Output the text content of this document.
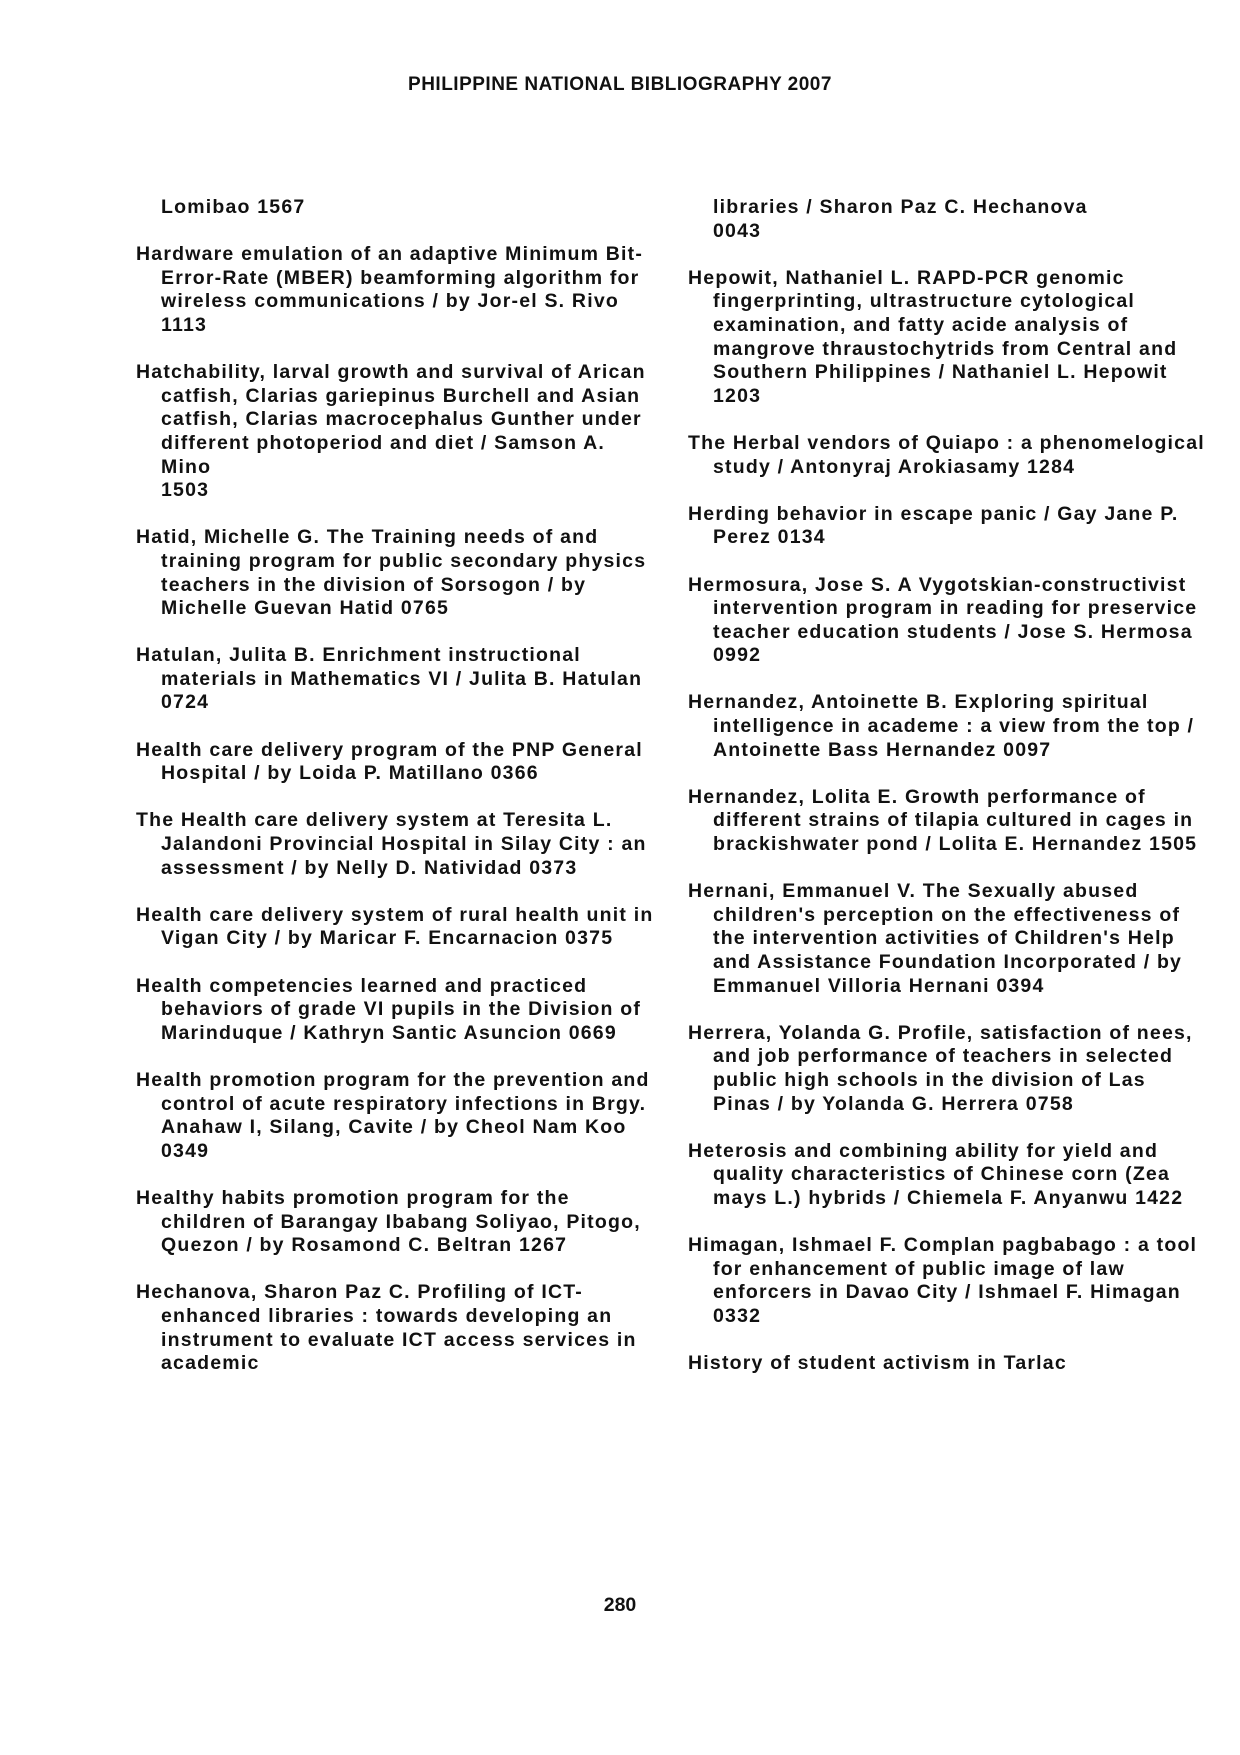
PHILIPPINE NATIONAL BIBLIOGRAPHY 2007

Lomibao 1567

Hardware emulation of an adaptive Minimum Bit-Error-Rate (MBER) beamforming algorithm for wireless communications / by Jor-el S. Rivo
1113

Hatchability, larval growth and survival of Arican catfish, Clarias gariepinus Burchell and Asian catfish, Clarias macrocephalus Gunther under different photoperiod and diet / Samson A. Mino
1503

Hatid, Michelle G. The Training needs of and training program for public secondary physics teachers in the division of Sorsogon / by Michelle Guevan Hatid 0765

Hatulan, Julita B. Enrichment instructional materials in Mathematics VI / Julita B. Hatulan 0724

Health care delivery program of the PNP General Hospital / by Loida P. Matillano 0366

The Health care delivery system at Teresita L. Jalandoni Provincial Hospital in Silay City : an assessment / by Nelly D. Natividad 0373

Health care delivery system of rural health unit in Vigan City / by Maricar F. Encarnacion 0375

Health competencies learned and practiced behaviors of grade VI pupils in the Division of Marinduque / Kathryn Santic Asuncion 0669

Health promotion program for the prevention and control of acute respiratory infections in Brgy. Anahaw I, Silang, Cavite / by Cheol Nam Koo
0349

Healthy habits promotion program for the children of Barangay Ibabang Soliyao, Pitogo, Quezon / by Rosamond C. Beltran 1267

Hechanova, Sharon Paz C. Profiling of ICT-enhanced libraries : towards developing an instrument to evaluate ICT access services in academic

libraries / Sharon Paz C. Hechanova
0043

Hepowit, Nathaniel L. RAPD-PCR genomic fingerprinting, ultrastructure cytological examination, and fatty acide analysis of mangrove thraustochytrids from Central and Southern Philippines / Nathaniel L. Hepowit 1203

The Herbal vendors of Quiapo : a phenomelogical study / Antonyraj Arokiasamy 1284

Herding behavior in escape panic / Gay Jane P. Perez 0134

Hermosura, Jose S. A Vygotskian-constructivist intervention program in reading for preservice teacher education students / Jose S. Hermosa
0992

Hernandez, Antoinette B. Exploring spiritual intelligence in academe : a view from the top / Antoinette Bass Hernandez 0097

Hernandez, Lolita E. Growth performance of different strains of tilapia cultured in cages in brackishwater pond / Lolita E. Hernandez 1505

Hernani, Emmanuel V. The Sexually abused children's perception on the effectiveness of the intervention activities of Children's Help and Assistance Foundation Incorporated / by Emmanuel Villoria Hernani 0394

Herrera, Yolanda G. Profile, satisfaction of nees, and job performance of teachers in selected public high schools in the division of Las Pinas / by Yolanda G. Herrera 0758

Heterosis and combining ability for yield and quality characteristics of Chinese corn (Zea mays L.) hybrids / Chiemela F. Anyanwu 1422

Himagan, Ishmael F. Complan pagbabago : a tool for enhancement of public image of law enforcers in Davao City / Ishmael F. Himagan 0332

History of student activism in Tarlac

280
